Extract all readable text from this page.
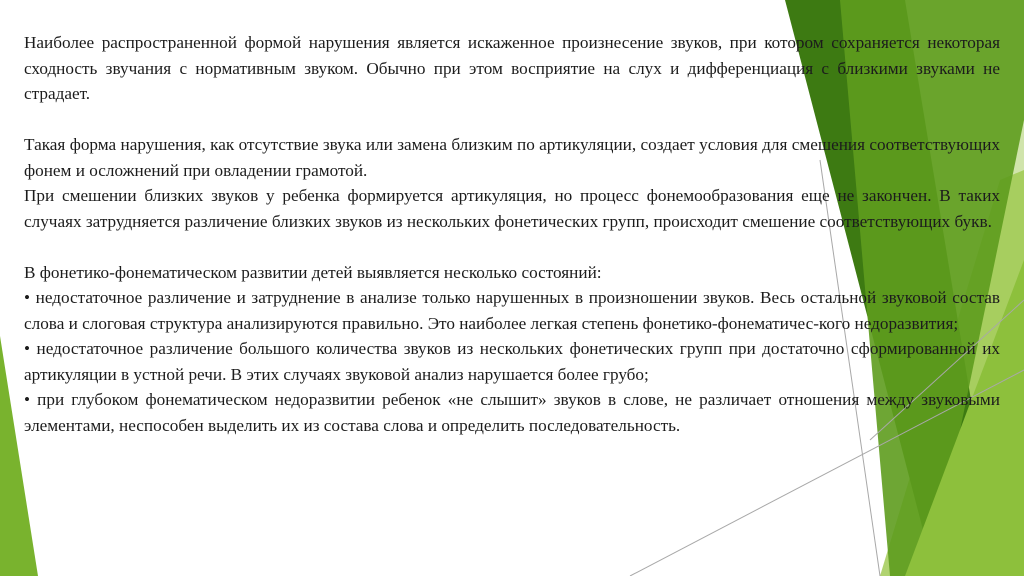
Наиболее распространенной формой нарушения является искаженное произнесение звуков, при котором сохраняется некоторая сходность звучания с нормативным звуком. Обычно при этом восприятие на слух и дифференциация с близкими звуками не страдает.

Такая форма нарушения, как отсутствие звука или замена близким по артикуляции, создает условия для смешения соответствующих фонем и осложнений при овладении грамотой.

При смешении близких звуков у ребенка формируется артикуляция, но процесс фонемообразования еще не закончен. В таких случаях затрудняется различение близких звуков из нескольких фонетических групп, происходит смешение соответствующих букв.

В фонетико-фонематическом развитии детей выявляется несколько состояний:

• недостаточное различение и затруднение в анализе только нарушенных в произношении звуков. Весь остальной звуковой состав слова и слоговая структура анализируются правильно. Это наиболее легкая степень фонетико-фонематичес-кого недоразвития;

• недостаточное различение большого количества звуков из нескольких фонетических групп при достаточно сформированной их артикуляции в устной речи. В этих случаях звуковой анализ нарушается более грубо;

• при глубоком фонематическом недоразвитии ребенок «не слышит» звуков в слове, не различает отношения между звуковыми элементами, неспособен выделить их из состава слова и определить последовательность.
